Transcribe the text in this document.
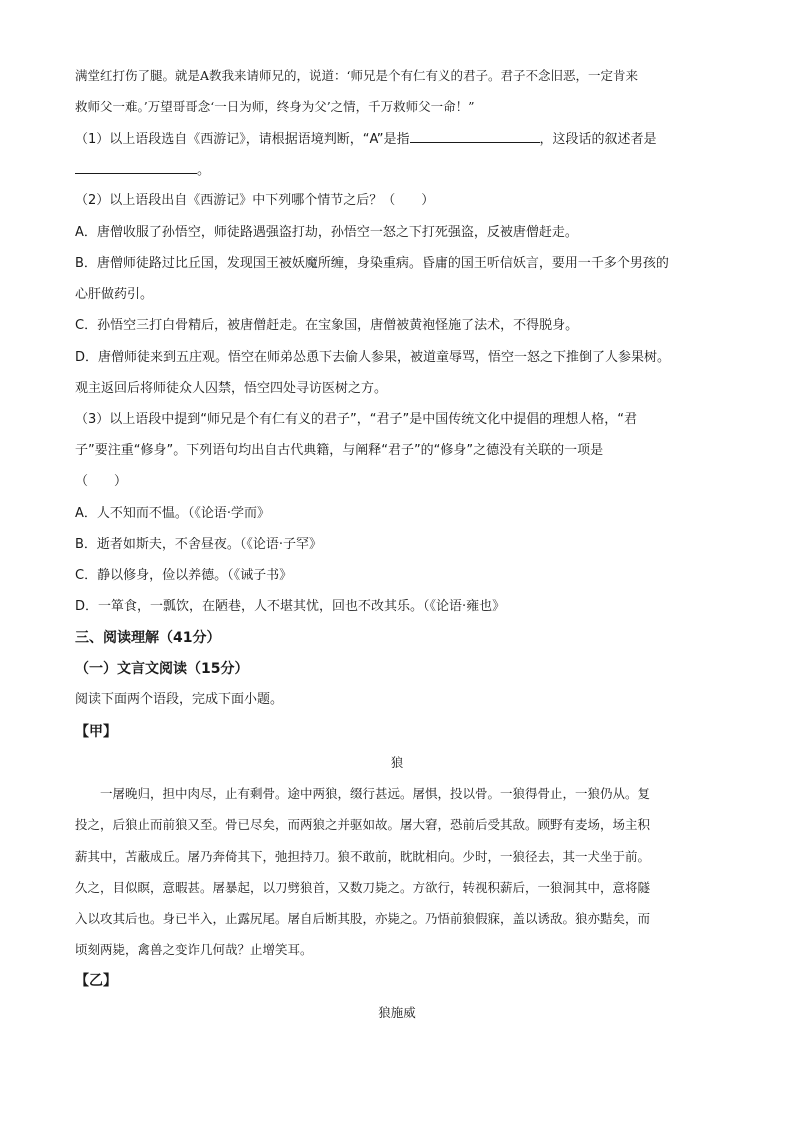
满堂红打伤了腿。就是A教我来请师兄的，说道：‘师兄是个有仁有义的君子。君子不念旧恶，一定肯来
救师父一难。’万望哥哥念‘一日为师，终身为父’之情，千万救师父一命！”
（1）以上语段选自《西游记》，请根据语境判断，“A”是指	，这段话的叙述者是
。
（2）以上语段出自《西游记》中下列哪个情节之后？（　　）
A．唐僧收服了孙悟空，师徒路遇强盗打劫，孙悟空一怒之下打死强盗，反被唐僧赶走。
B．唐僧师徒路过比丘国，发现国王被妖魔所缠，身染重病。昏庸的国王听信妖言，要用一千多个男孩的
心肝做药引。
C．孙悟空三打白骨精后，被唐僧赶走。在宝象国，唐僧被黄袍怪施了法术，不得脱身。
D．唐僧师徒来到五庄观。悟空在师弟怂恿下去偷人参果，被道童辱骂，悟空一怒之下推倒了人参果树。
观主返回后将师徒众人囚禁，悟空四处寻访医树之方。
（3）以上语段中提到“师兄是个有仁有义的君子”，“君子”是中国传统文化中提倡的理想人格，“君
子”要注重“修身”。下列语句均出自古代典籍，与阐释“君子”的“修身”之德没有关联的一项是
（　　）
A．人不知而不愠。（《论语·学而》
B．逝者如斯夫，不舍昼夜。（《论语·子罕》
C．静以修身，俭以养德。（《诫子书》
D．一箪食，一瓢饮，在陋巷，人不堪其忧，回也不改其乐。（《论语·雍也》
三、阅读理解（41分）
（一）文言文阅读（15分）
阅读下面两个语段，完成下面小题。
【甲】
狼
一屠晚归，担中肉尽，止有剩骨。途中两狼，缀行甚远。屠惧，投以骨。一狼得骨止，一狼仍从。复
投之，后狼止而前狼又至。骨已尽矣，而两狼之并驱如故。屠大窘，恐前后受其敌。顾野有麦场，场主积
薪其中，苫蔽成丘。屠乃奔倚其下，弛担持刀。狼不敢前，眈眈相向。少时，一狼径去，其一犬坐于前。
久之，目似瞑，意暇甚。屠暴起，以刀劈狼首，又数刀毙之。方欲行，转视积薪后，一狼洞其中，意将隧
入以攻其后也。身已半入，止露尻尾。屠自后断其股，亦毙之。乃悟前狼假寐，盖以诱敌。狼亦黠矣，而
顷刻两毙，禽兽之变诈几何哉？止增笑耳。
【乙】
狼施威
